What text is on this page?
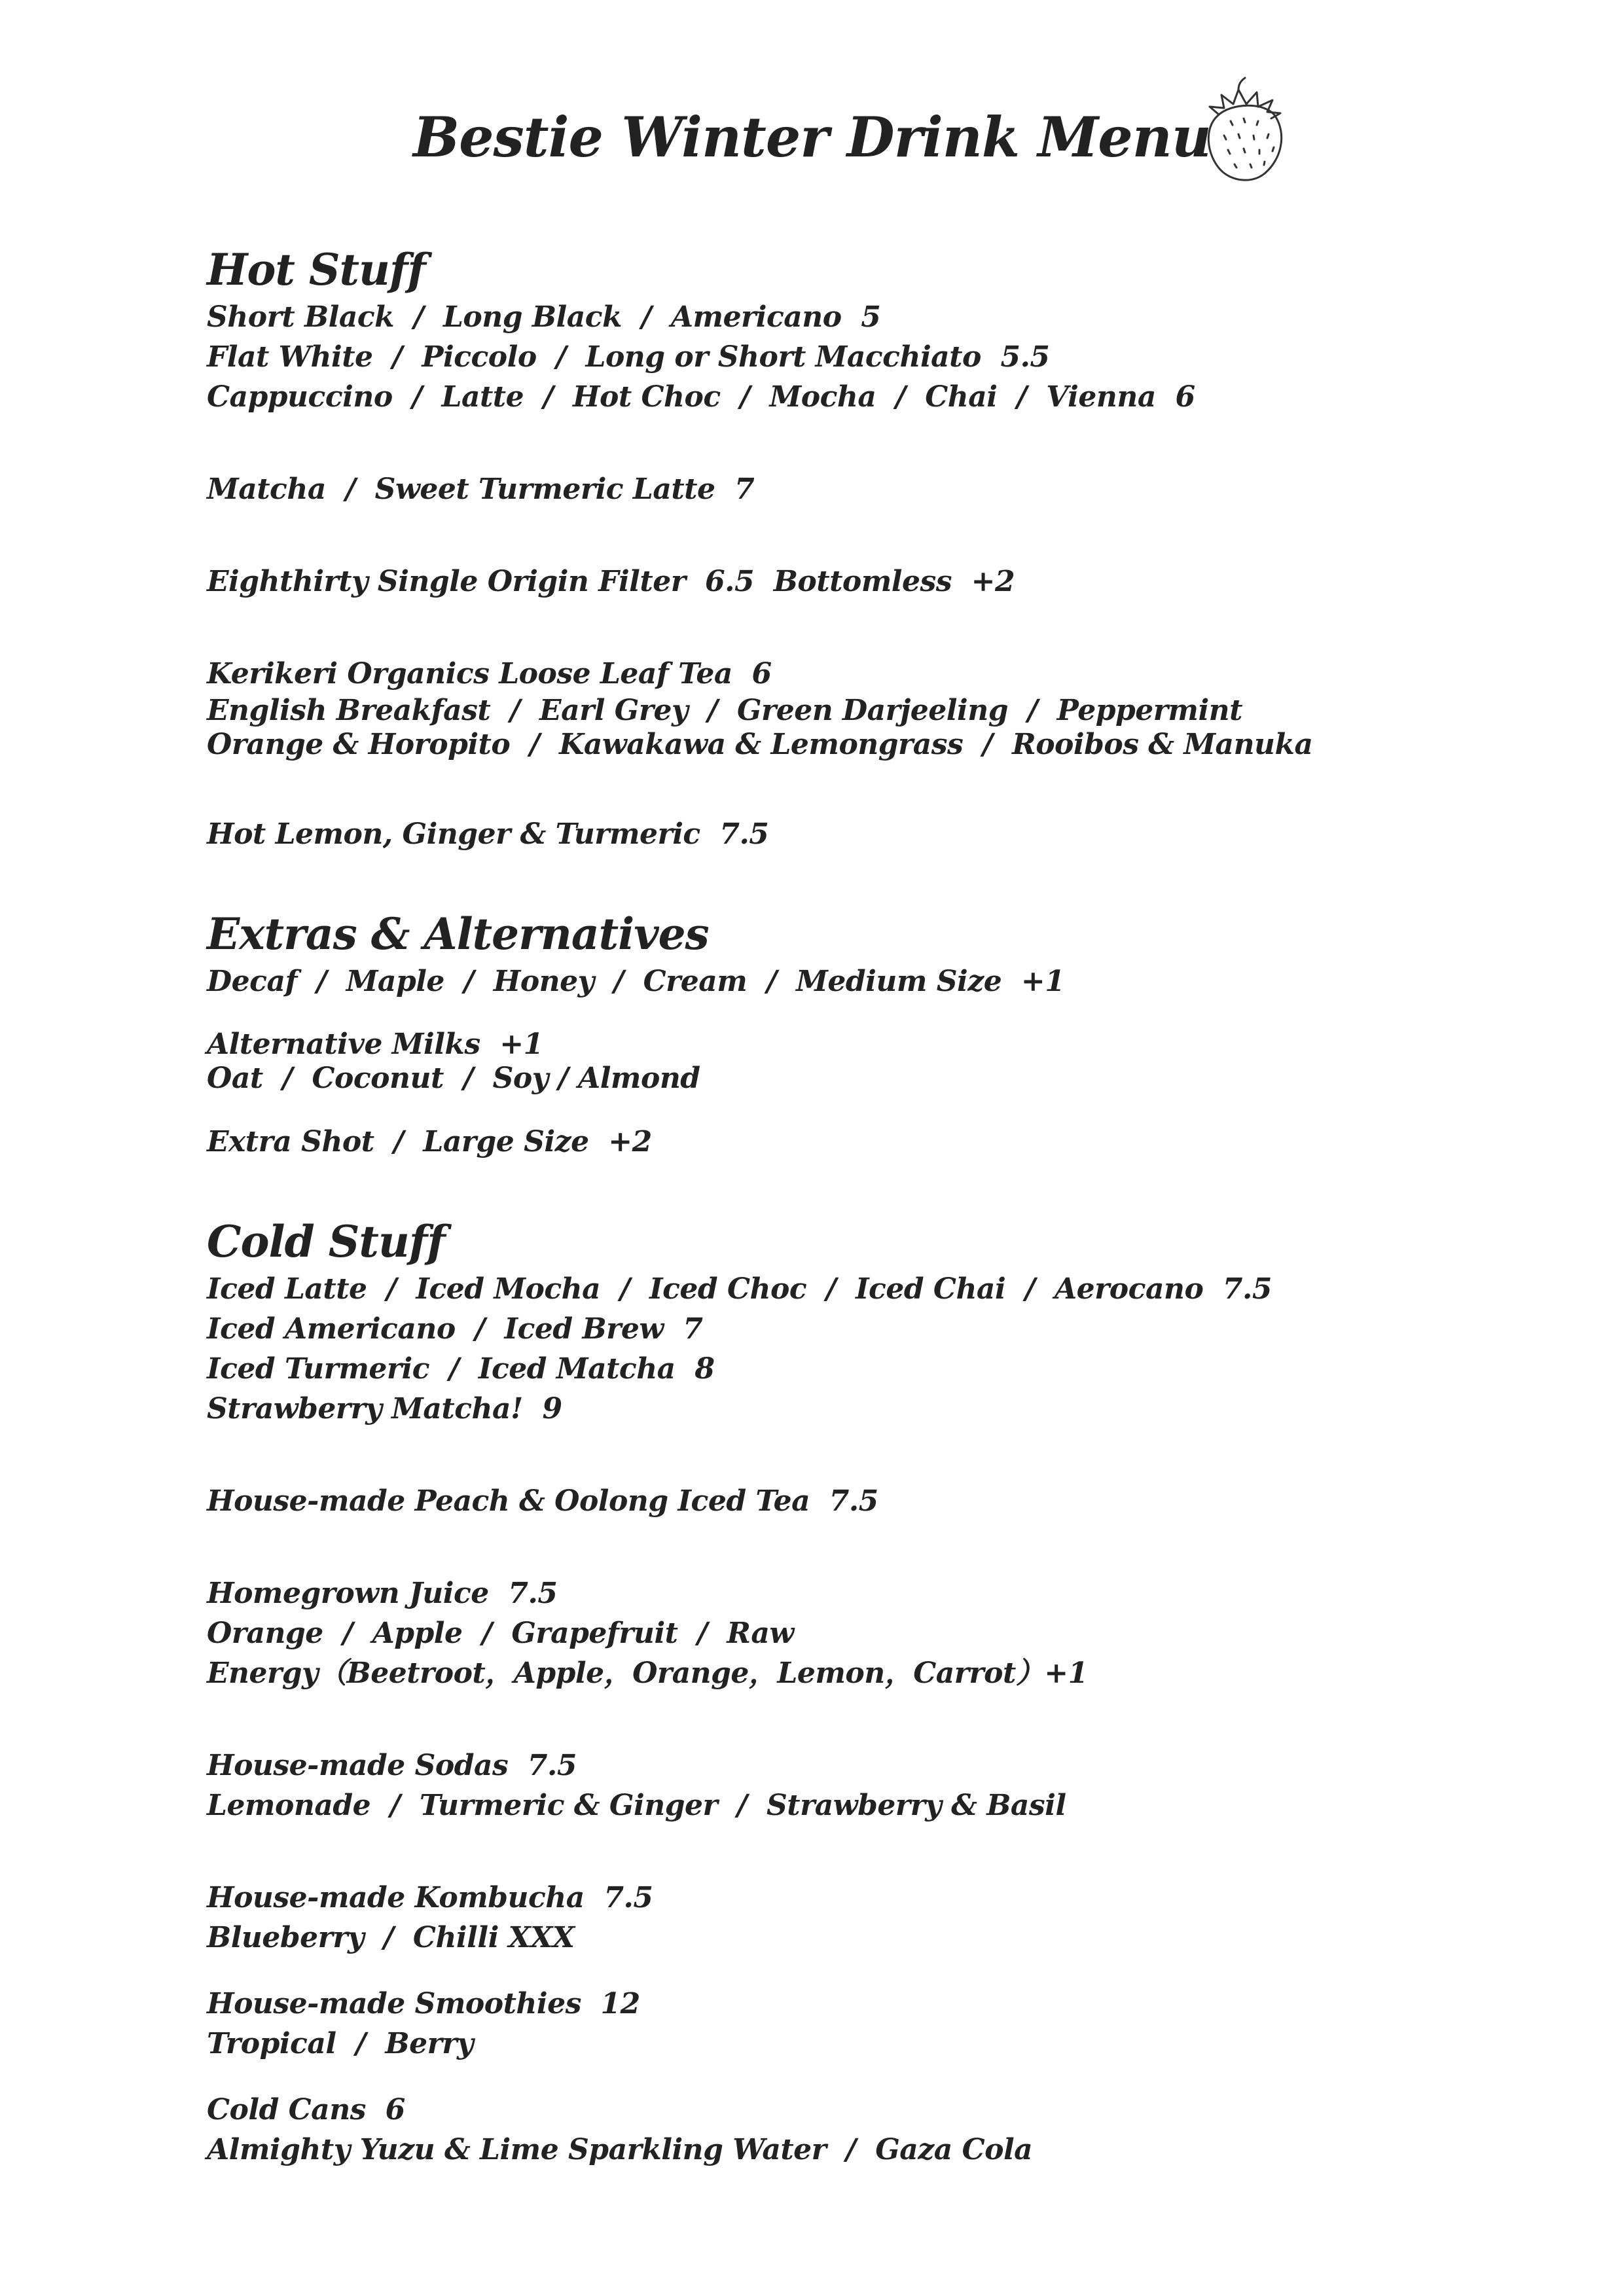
Bestie Winter Drink Menu
Hot Stuff
Short Black  /  Long Black  /  Americano  5
Flat White  /  Piccolo  /  Long or Short Macchiato  5.5
Cappuccino  /  Latte  /  Hot Choc  /  Mocha  /  Chai  /  Vienna  6
Matcha  /  Sweet Turmeric Latte  7
Eighthirty Single Origin Filter  6.5  Bottomless  +2
Kerikeri Organics Loose Leaf Tea  6
English Breakfast  /  Earl Grey  /  Green Darjeeling  /  Peppermint
Orange & Horopito  /  Kawakawa & Lemongrass  /  Rooibos & Manuka
Hot Lemon, Ginger & Turmeric  7.5
Extras & Alternatives
Decaf  /  Maple  /  Honey  /  Cream  /  Medium Size  +1
Alternative Milks  +1
Oat  /  Coconut  /  Soy / Almond
Extra Shot  /  Large Size  +2
Cold Stuff
Iced Latte  /  Iced Mocha  /  Iced Choc  /  Iced Chai  /  Aerocano  7.5
Iced Americano  /  Iced Brew  7
Iced Turmeric  /  Iced Matcha  8
Strawberry Matcha!  9
House-made Peach & Oolong Iced Tea  7.5
Homegrown Juice  7.5
Orange  /  Apple  /  Grapefruit  /  Raw
Energy（Beetroot，Apple，Orange，Lemon，Carrot）+1
House-made Sodas  7.5
Lemonade  /  Turmeric & Ginger  /  Strawberry & Basil
House-made Kombucha  7.5
Blueberry  /  Chilli XXX
House-made Smoothies  12
Tropical  /  Berry
Cold Cans  6
Almighty Yuzu & Lime Sparkling Water  /  Gaza Cola
